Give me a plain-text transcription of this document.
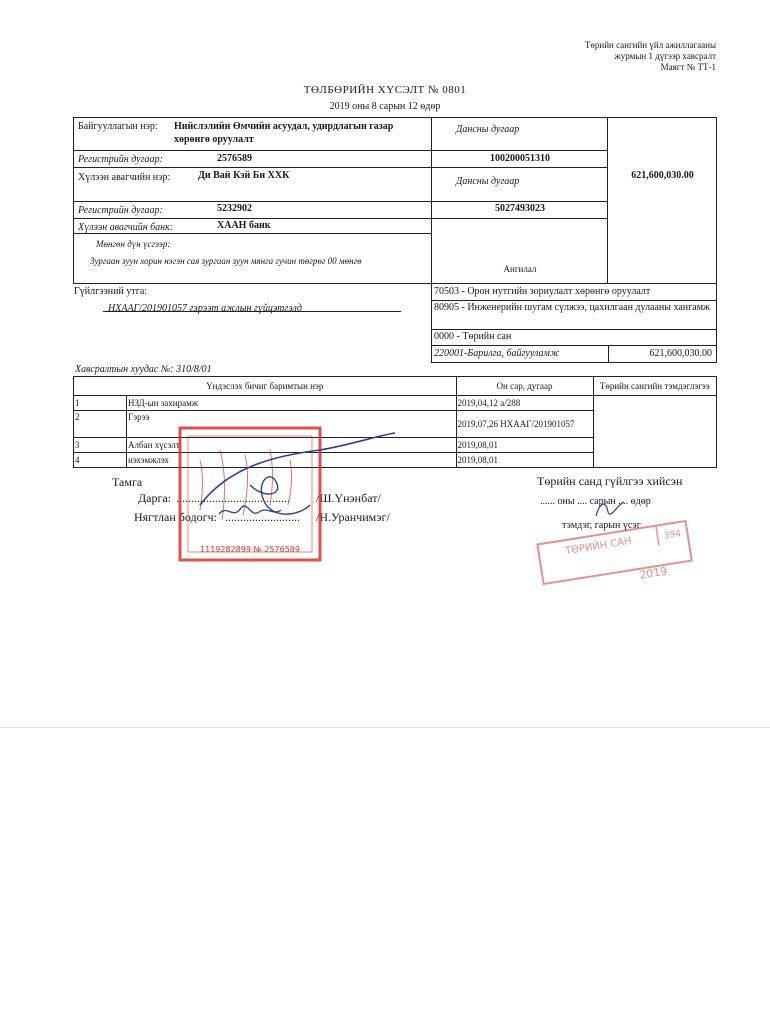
Төрийн сангийн үйл ажиллагааны
журмын 1 дүгээр хавсралт
Маягт № ТТ-1
ТӨЛБӨРИЙН ХҮСЭЛТ № 0801
2019 оны 8 сарын 12 өдөр
Байгууллагын нэр: Нийслэлийн Өмчийн асуудал, удирдлагын газар хөрөнгө оруулалт
Дансны дугаар
Регистрийн дугаар:	2576589	100200051310
621,600,030.00
Хүлээн авагчийн нэр:	Ди Вай Кэй Би ХХК
Дансны дугаар
Регистрийн дугаар:	5232902	5027493023
Хүлээн авагчийн банк:	ХААН банк
Мөнгөн дүн үсгээр:
Зургаан зуун хорин нэгэн сая зургаан зуун мянга гучин төгрөг 00 мөнгө
Ангилал
Гүйлгээний утга:
НХААГ/201901057 гэрээт ажлын гүйцэтгэлд
70503 - Орон нутгийн зориулалт хөрөнгө оруулалт
80905 - Инженерийн шугам сүлжээ, цахилгаан дулааны хангамж
0000 - Төрийн сан
220001-Барилга, байгууламж	621,600,030.00
Хавсралтын хуудас №: 310/8/01
Үндэслэх бичиг баримтын нэр		Он сар, дугаар	Төрийн сангийн тэмдэглэгээ
1	НЗД-ын захирамж	2019,04,12 а/288	
2	Гэрээ	2019,07,26 НХААГ/201901057	
3	Албан хүсэлт	2019,08,01	
4	нэхэмжлэх	2019,08,01	
Тамга
Дарга: ...................................... /Ш.Үнэнбат/
Нягтлан бодогч: ......................... /Н.Уранчимэг/
Төрийн санд гүйлгээ хийсэн
...... оны .... сарын .... өдөр
тэмдэг, гарын үсэг
1119282899 № 2576589	ТӨРИЙН САН
394
2019
